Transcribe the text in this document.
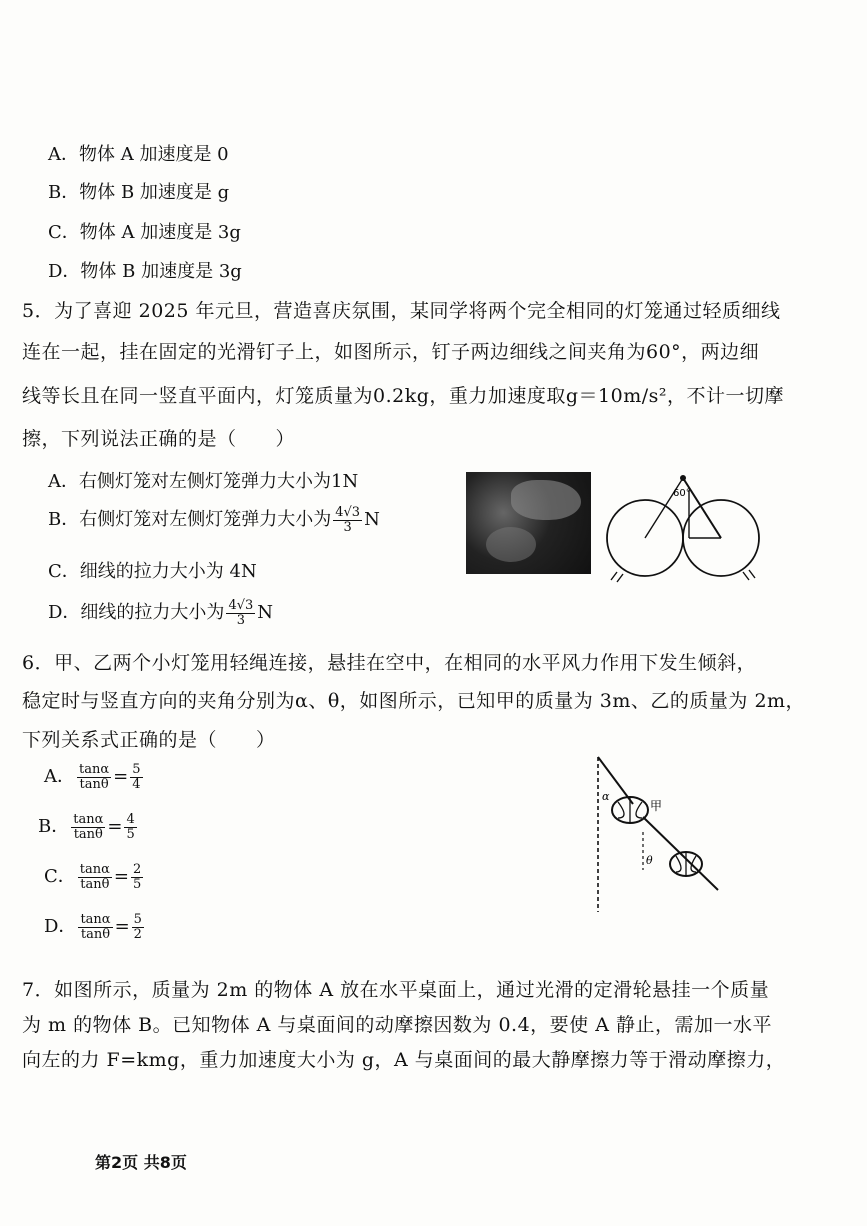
A．物体 A 加速度是 0
B．物体 B 加速度是 g
C．物体 A 加速度是 3g
D．物体 B 加速度是 3g
5．为了喜迎 2025 年元旦，营造喜庆氛围，某同学将两个完全相同的灯笼通过轻质细线
连在一起，挂在固定的光滑钉子上，如图所示，钉子两边细线之间夹角为60°，两边细
线等长且在同一竖直平面内，灯笼质量为0.2kg，重力加速度取g＝10m/s²，不计一切摩
擦，下列说法正确的是（　　）
A．右侧灯笼对左侧灯笼弹力大小为1N
B．右侧灯笼对左侧灯笼弹力大小为 $\frac{4√3}{3}$ N
C．细线的拉力大小为 4N
D．细线的拉力大小为 $\frac{4√3}{3}$ N
60°
6．甲、乙两个小灯笼用轻绳连接，悬挂在空中，在相同的水平风力作用下发生倾斜，
稳定时与竖直方向的夹角分别为α、θ，如图所示，已知甲的质量为 3m、乙的质量为 2m，
下列关系式正确的是（　　）
A． $\frac{\tan\alpha}{\tan\theta} = \frac{5}{4}$
B． $\frac{\tan\alpha}{\tan\theta} = \frac{4}{5}$
C． $\frac{\tan\alpha}{\tan\theta} = \frac{2}{5}$
D． $\frac{\tan\alpha}{\tan\theta} = \frac{5}{2}$
α
甲
θ
7．如图所示，质量为 2m 的物体 A 放在水平桌面上，通过光滑的定滑轮悬挂一个质量
为 m 的物体 B。已知物体 A 与桌面间的动摩擦因数为 0.4，要使 A 静止，需加一水平
向左的力 F=kmg，重力加速度大小为 g，A 与桌面间的最大静摩擦力等于滑动摩擦力，
第2页 共8页
